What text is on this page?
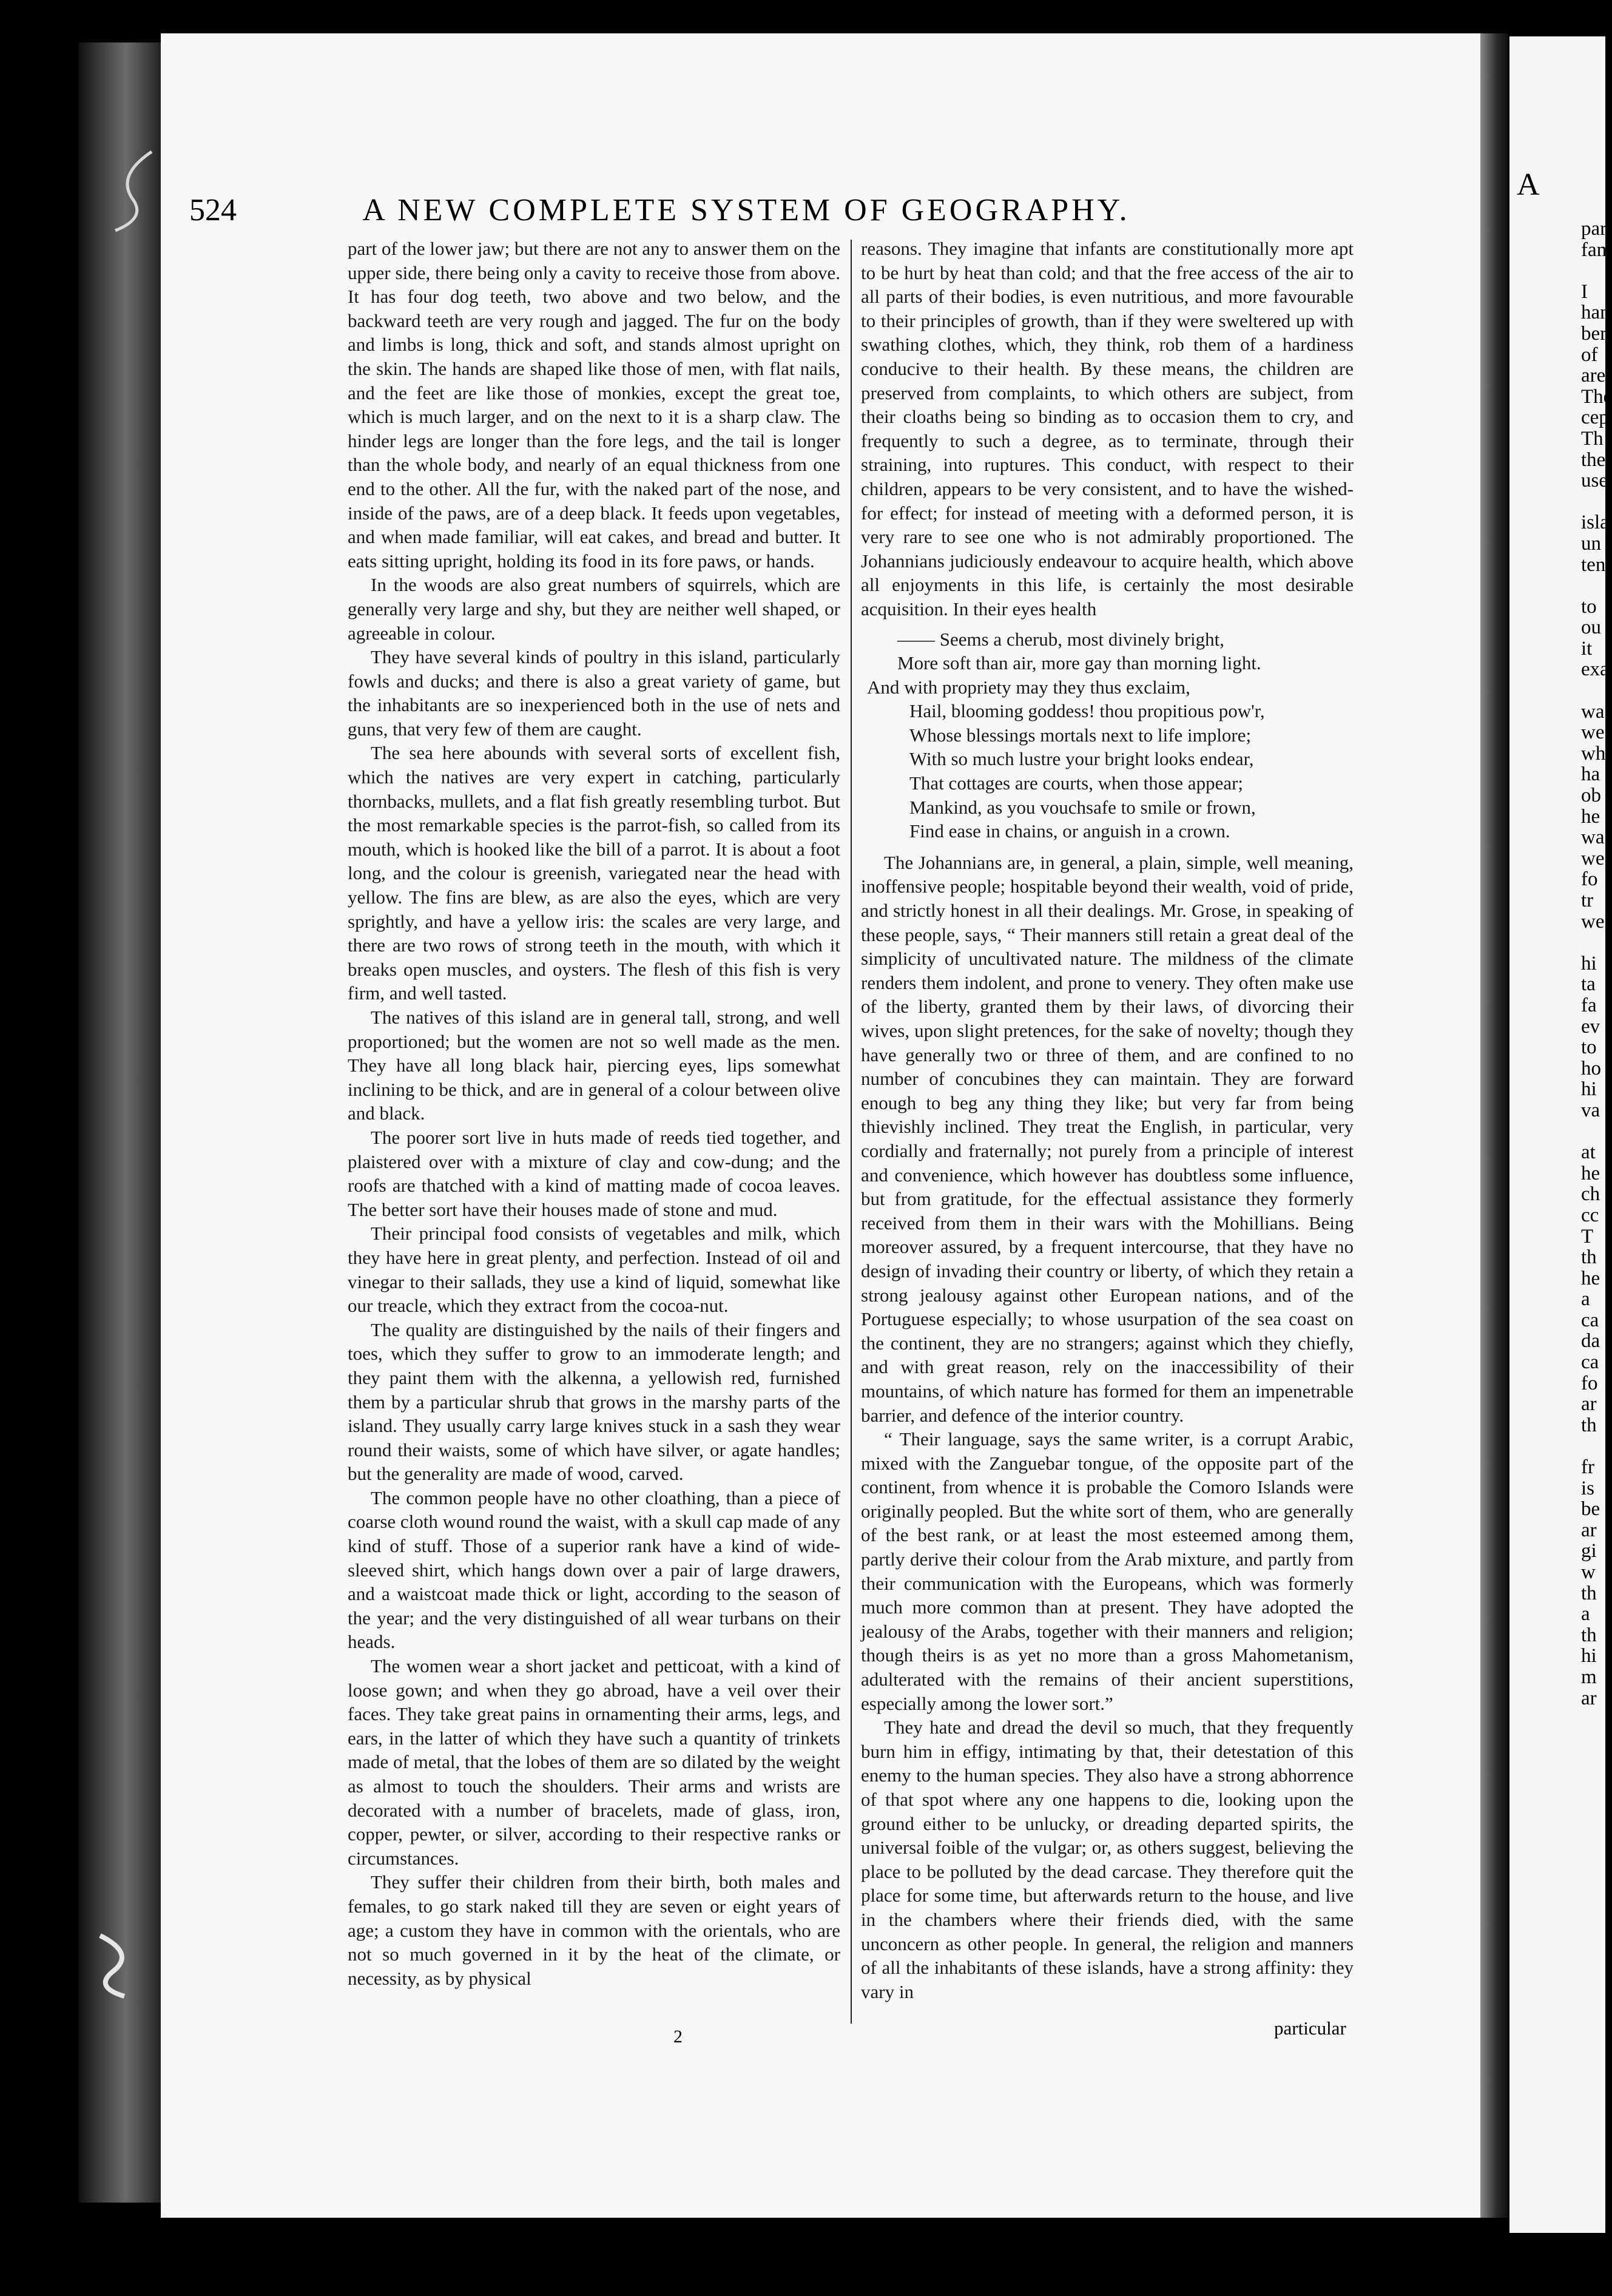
524	A NEW COMPLETE SYSTEM OF GEOGRAPHY.

part of the lower jaw; but there are not any to answer them on the upper side, there being only a cavity to receive those from above. It has four dog teeth, two above and two below, and the backward teeth are very rough and jagged. The fur on the body and limbs is long, thick and soft, and stands almost upright on the skin. The hands are shaped like those of men, with flat nails, and the feet are like those of monkies, except the great toe, which is much larger, and on the next to it is a sharp claw. The hinder legs are longer than the fore legs, and the tail is longer than the whole body, and nearly of an equal thickness from one end to the other. All the fur, with the naked part of the nose, and inside of the paws, are of a deep black. It feeds upon vegetables, and when made familiar, will eat cakes, and bread and butter. It eats sitting upright, holding its food in its fore paws, or hands.

In the woods are also great numbers of squirrels, which are generally very large and shy, but they are neither well shaped, or agreeable in colour.

They have several kinds of poultry in this island, particularly fowls and ducks; and there is also a great variety of game, but the inhabitants are so inexperienced both in the use of nets and guns, that very few of them are caught.

The sea here abounds with several sorts of excellent fish, which the natives are very expert in catching, particularly thornbacks, mullets, and a flat fish greatly resembling turbot. But the most remarkable species is the parrot-fish, so called from its mouth, which is hooked like the bill of a parrot. It is about a foot long, and the colour is greenish, variegated near the head with yellow. The fins are blew, as are also the eyes, which are very sprightly, and have a yellow iris: the scales are very large, and there are two rows of strong teeth in the mouth, with which it breaks open muscles, and oysters. The flesh of this fish is very firm, and well tasted.

The natives of this island are in general tall, strong, and well proportioned; but the women are not so well made as the men. They have all long black hair, piercing eyes, lips somewhat inclining to be thick, and are in general of a colour between olive and black.

The poorer sort live in huts made of reeds tied together, and plaistered over with a mixture of clay and cow-dung; and the roofs are thatched with a kind of matting made of cocoa leaves. The better sort have their houses made of stone and mud.

Their principal food consists of vegetables and milk, which they have here in great plenty, and perfection. Instead of oil and vinegar to their sallads, they use a kind of liquid, somewhat like our treacle, which they extract from the cocoa-nut.

The quality are distinguished by the nails of their fingers and toes, which they suffer to grow to an immoderate length; and they paint them with the alkenna, a yellowish red, furnished them by a particular shrub that grows in the marshy parts of the island. They usually carry large knives stuck in a sash they wear round their waists, some of which have silver, or agate handles; but the generality are made of wood, carved.

The common people have no other cloathing, than a piece of coarse cloth wound round the waist, with a skull cap made of any kind of stuff. Those of a superior rank have a kind of wide-sleeved shirt, which hangs down over a pair of large drawers, and a waistcoat made thick or light, according to the season of the year; and the very distinguished of all wear turbans on their heads.

The women wear a short jacket and petticoat, with a kind of loose gown; and when they go abroad, have a veil over their faces. They take great pains in ornamenting their arms, legs, and ears, in the latter of which they have such a quantity of trinkets made of metal, that the lobes of them are so dilated by the weight as almost to touch the shoulders. Their arms and wrists are decorated with a number of bracelets, made of glass, iron, copper, pewter, or silver, according to their respective ranks or circumstances.

They suffer their children from their birth, both males and females, to go stark naked till they are seven or eight years of age; a custom they have in common with the orientals, who are not so much governed in it by the heat of the climate, or necessity, as by physical

reasons. They imagine that infants are constitutionally more apt to be hurt by heat than cold; and that the free access of the air to all parts of their bodies, is even nutritious, and more favourable to their principles of growth, than if they were sweltered up with swathing clothes, which, they think, rob them of a hardiness conducive to their health. By these means, the children are preserved from complaints, to which others are subject, from their cloaths being so binding as to occasion them to cry, and frequently to such a degree, as to terminate, through their straining, into ruptures. This conduct, with respect to their children, appears to be very consistent, and to have the wished-for effect; for instead of meeting with a deformed person, it is very rare to see one who is not admirably proportioned. The Johannians judiciously endeavour to acquire health, which above all enjoyments in this life, is certainly the most desirable acquisition. In their eyes health

—— Seems a cherub, most divinely bright,
More soft than air, more gay than morning light.
And with propriety may they thus exclaim,
Hail, blooming goddess! thou propitious pow'r,
Whose blessings mortals next to life implore;
With so much lustre your bright looks endear,
That cottages are courts, when those appear;
Mankind, as you vouchsafe to smile or frown,
Find ease in chains, or anguish in a crown.

The Johannians are, in general, a plain, simple, well meaning, inoffensive people; hospitable beyond their wealth, void of pride, and strictly honest in all their dealings. Mr. Grose, in speaking of these people, says, “ Their manners still retain a great deal of the simplicity of uncultivated nature. The mildness of the climate renders them indolent, and prone to venery. They often make use of the liberty, granted them by their laws, of divorcing their wives, upon slight pretences, for the sake of novelty; though they have generally two or three of them, and are confined to no number of concubines they can maintain. They are forward enough to beg any thing they like; but very far from being thievishly inclined. They treat the English, in particular, very cordially and fraternally; not purely from a principle of interest and convenience, which however has doubtless some influence, but from gratitude, for the effectual assistance they formerly received from them in their wars with the Mohillians. Being moreover assured, by a frequent intercourse, that they have no design of invading their country or liberty, of which they retain a strong jealousy against other European nations, and of the Portuguese especially; to whose usurpation of the sea coast on the continent, they are no strangers; against which they chiefly, and with great reason, rely on the inaccessibility of their mountains, of which nature has formed for them an impenetrable barrier, and defence of the interior country.

“ Their language, says the same writer, is a corrupt Arabic, mixed with the Zanguebar tongue, of the opposite part of the continent, from whence it is probable the Comoro Islands were originally peopled. But the white sort of them, who are generally of the best rank, or at least the most esteemed among them, partly derive their colour from the Arab mixture, and partly from their communication with the Europeans, which was formerly much more common than at present. They have adopted the jealousy of the Arabs, together with their manners and religion; though theirs is as yet no more than a gross Mahometanism, adulterated with the remains of their ancient superstitions, especially among the lower sort.”

They hate and dread the devil so much, that they frequently burn him in effigy, intimating by that, their detestation of this enemy to the human species. They also have a strong abhorrence of that spot where any one happens to die, looking upon the ground either to be unlucky, or dreading departed spirits, the universal foible of the vulgar; or, as others suggest, believing the place to be polluted by the dead carcase. They therefore quit the place for some time, but afterwards return to the house, and live in the chambers where their friends died, with the same unconcern as other people. In general, the religion and manners of all the inhabitants of these islands, have a strong affinity: they vary in

2	particular
A
par
fam
I
han
ber
of
are
The
cep
Th
the
use
isla
un
ten
to
ou
it
exa
wa
we
wh
ha
ob
he
wa
we
fo
tr
we
hi
ta
fa
ev
to
ho
hi
va
at
he
ch
cc
T
th
he
a
ca
da
ca
fo
ar
th
fr
is
be
ar
gi
w
th
a
th
hi
m
ar
